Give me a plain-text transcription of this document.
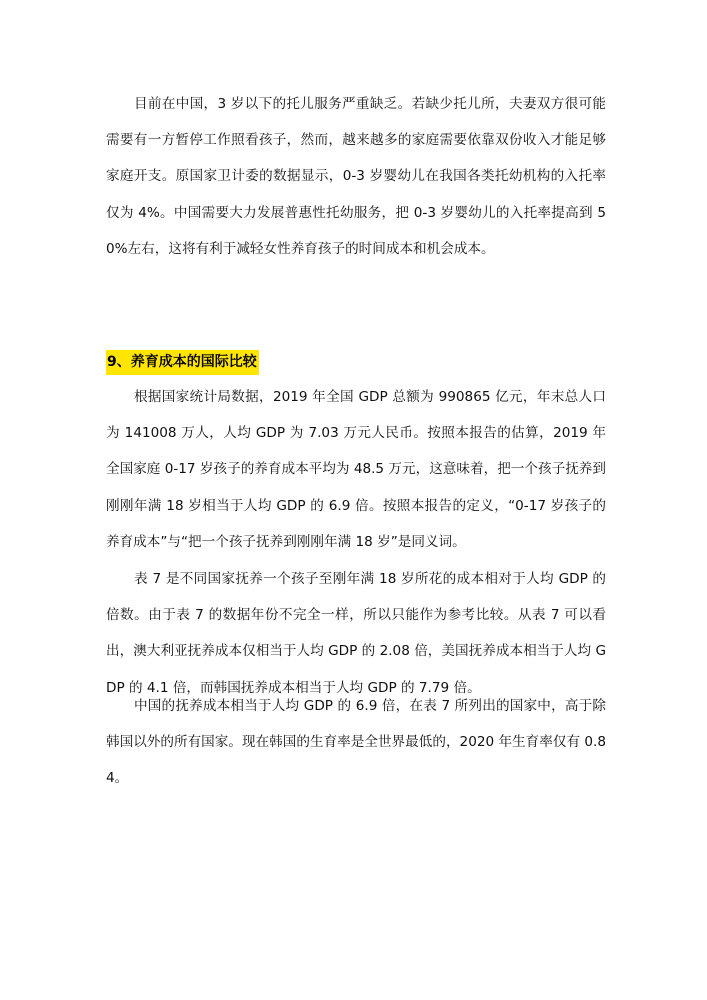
目前在中国，3 岁以下的托儿服务严重缺乏。若缺少托儿所，夫妻双方很可能需要有一方暂停工作照看孩子，然而，越来越多的家庭需要依靠双份收入才能足够家庭开支。原国家卫计委的数据显示，0-3 岁婴幼儿在我国各类托幼机构的入托率仅为 4%。中国需要大力发展普惠性托幼服务，把 0-3 岁婴幼儿的入托率提高到 50%左右，这将有利于减轻女性养育孩子的时间成本和机会成本。

9、养育成本的国际比较

根据国家统计局数据，2019 年全国 GDP 总额为 990865 亿元，年末总人口为 141008 万人，人均 GDP 为 7.03 万元人民币。按照本报告的估算，2019 年全国家庭 0-17 岁孩子的养育成本平均为 48.5 万元，这意味着，把一个孩子抚养到刚刚年满 18 岁相当于人均 GDP 的 6.9 倍。按照本报告的定义，“0-17 岁孩子的养育成本”与“把一个孩子抚养到刚刚年满 18 岁”是同义词。

表 7 是不同国家抚养一个孩子至刚年满 18 岁所花的成本相对于人均 GDP 的倍数。由于表 7 的数据年份不完全一样，所以只能作为参考比较。从表 7 可以看出，澳大利亚抚养成本仅相当于人均 GDP 的 2.08 倍，美国抚养成本相当于人均 GDP 的 4.1 倍，而韩国抚养成本相当于人均 GDP 的 7.79 倍。

中国的抚养成本相当于人均 GDP 的 6.9 倍，在表 7 所列出的国家中，高于除韩国以外的所有国家。现在韩国的生育率是全世界最低的，2020 年生育率仅有 0.84。
